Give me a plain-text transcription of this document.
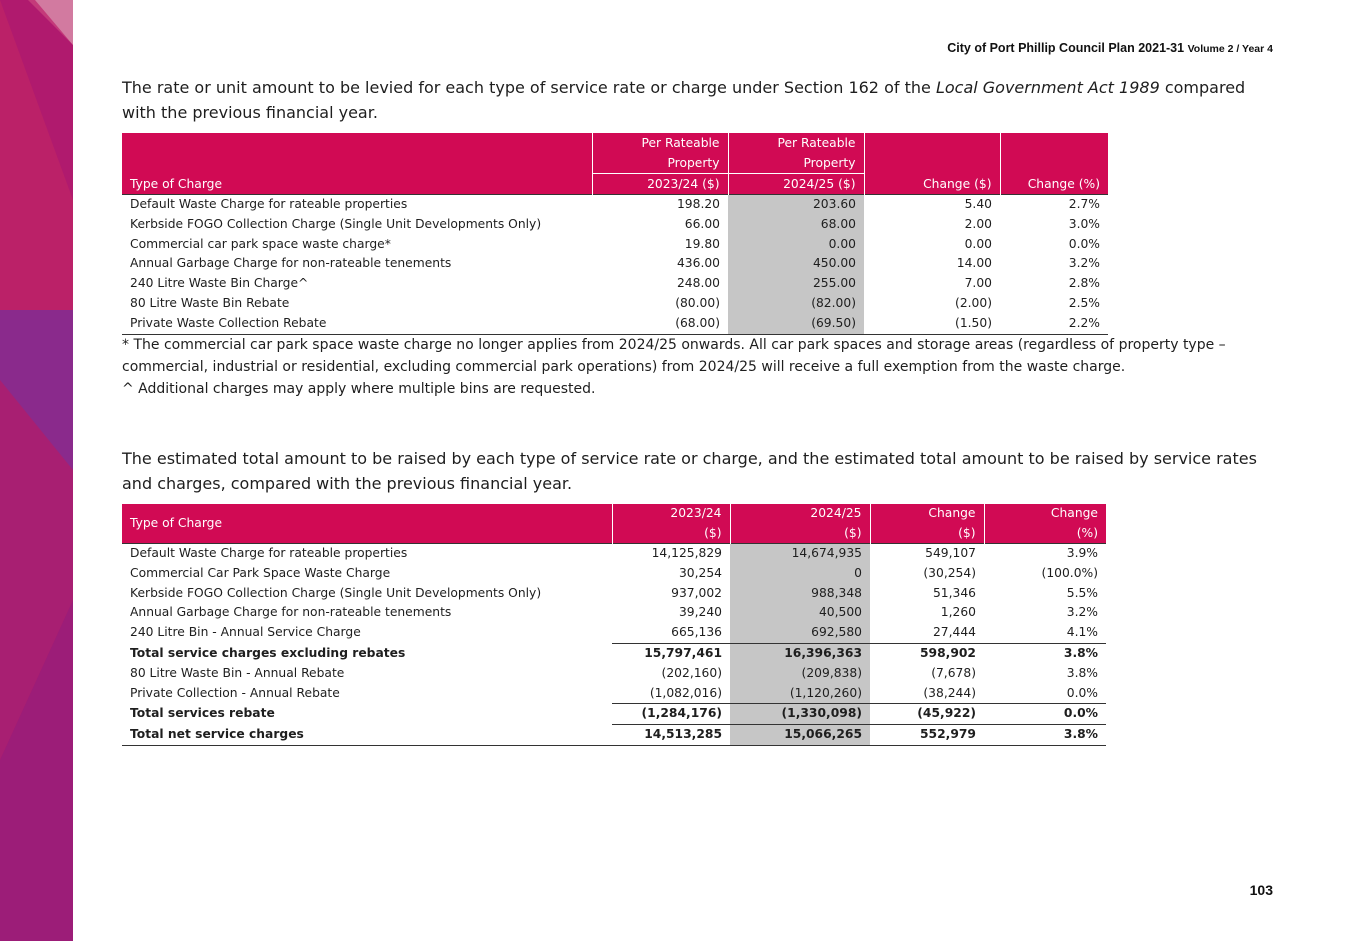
City of Port Phillip Council Plan 2021-31 Volume 2 / Year 4
The rate or unit amount to be levied for each type of service rate or charge under Section 162 of the Local Government Act 1989 compared with the previous financial year.
	Per Rateable	Per Rateable		
	Property	Property		
Type of Charge	2023/24 ($)	2024/25 ($)	Change ($)	Change (%)
Default Waste Charge for rateable properties	198.20	203.60	5.40	2.7%
Kerbside FOGO Collection Charge (Single Unit Developments Only)	66.00	68.00	2.00	3.0%
Commercial car park space waste charge*	19.80	0.00	0.00	0.0%
Annual Garbage Charge for non-rateable tenements	436.00	450.00	14.00	3.2%
240 Litre Waste Bin Charge^	248.00	255.00	7.00	2.8%
80 Litre Waste Bin Rebate	(80.00)	(82.00)	(2.00)	2.5%
Private Waste Collection Rebate	(68.00)	(69.50)	(1.50)	2.2%
* The commercial car park space waste charge no longer applies from 2024/25 onwards. All car park spaces and storage areas (regardless of property type – commercial, industrial or residential, excluding commercial park operations) from 2024/25 will receive a full exemption from the waste charge.
^ Additional charges may apply where multiple bins are requested.
The estimated total amount to be raised by each type of service rate or charge, and the estimated total amount to be raised by service rates and charges, compared with the previous financial year.
Type of Charge	2023/24	2024/25	Change	Change
	($)	($)	($)	(%)
Default Waste Charge for rateable properties	14,125,829	14,674,935	549,107	3.9%
Commercial Car Park Space Waste Charge	30,254	0	(30,254)	(100.0%)
Kerbside FOGO Collection Charge (Single Unit Developments Only)	937,002	988,348	51,346	5.5%
Annual Garbage Charge for non-rateable tenements	39,240	40,500	1,260	3.2%
240 Litre Bin - Annual Service Charge	665,136	692,580	27,444	4.1%
Total service charges excluding rebates	15,797,461	16,396,363	598,902	3.8%
80 Litre Waste Bin - Annual Rebate	(202,160)	(209,838)	(7,678)	3.8%
Private Collection - Annual Rebate	(1,082,016)	(1,120,260)	(38,244)	0.0%
Total services rebate	(1,284,176)	(1,330,098)	(45,922)	0.0%
Total net service charges	14,513,285	15,066,265	552,979	3.8%
103
